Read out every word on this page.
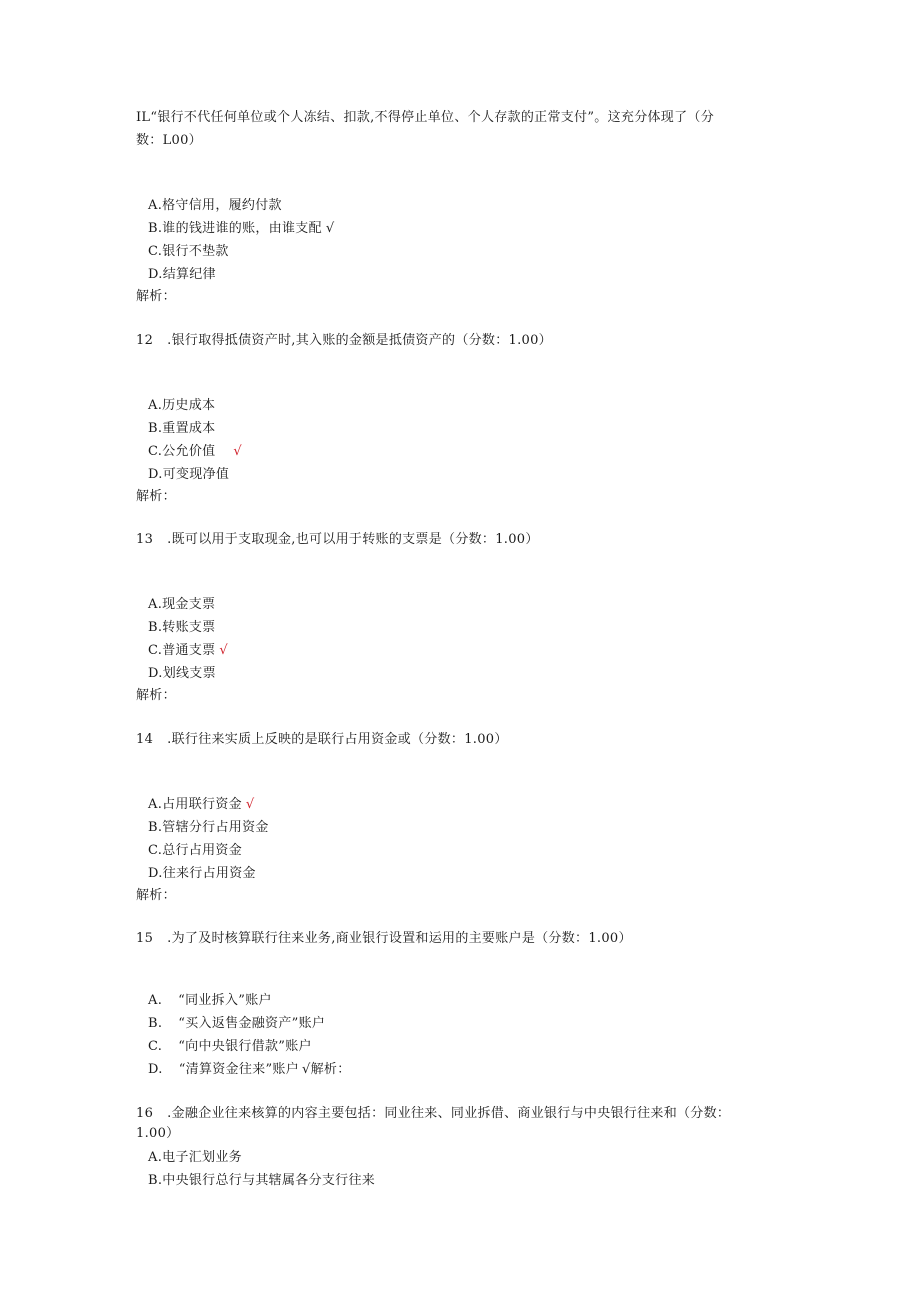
IL“银行不代任何单位或个人冻结、扣款,不得停止单位、个人存款的正常支付”。这充分体现了（分
数：L00）
A.格守信用，履约付款
B.谁的钱进谁的账，由谁支配 √
C.银行不垫款
D.结算纪律
解析：
12 .银行取得抵债资产时,其入账的金额是抵债资产的（分数：1.00）
A.历史成本
B.重置成本
C.公允价值 √
D.可变现净值
解析：
13 .既可以用于支取现金,也可以用于转账的支票是（分数：1.00）
A.现金支票
B.转账支票
C.普通支票 √
D.划线支票
解析：
14 .联行往来实质上反映的是联行占用资金或（分数：1.00）
A.占用联行资金 √
B.管辖分行占用资金
C.总行占用资金
D.往来行占用资金
解析：
15 .为了及时核算联行往来业务,商业银行设置和运用的主要账户是（分数：1.00）
A. “同业拆入”账户
B. “买入返售金融资产”账户
C. “向中央银行借款”账户
D. “清算资金往来”账户 √解析：
16 .金融企业往来核算的内容主要包括：同业往来、同业拆借、商业银行与中央银行往来和（分数：
1.00）
A.电子汇划业务
B.中央银行总行与其辖属各分支行往来
